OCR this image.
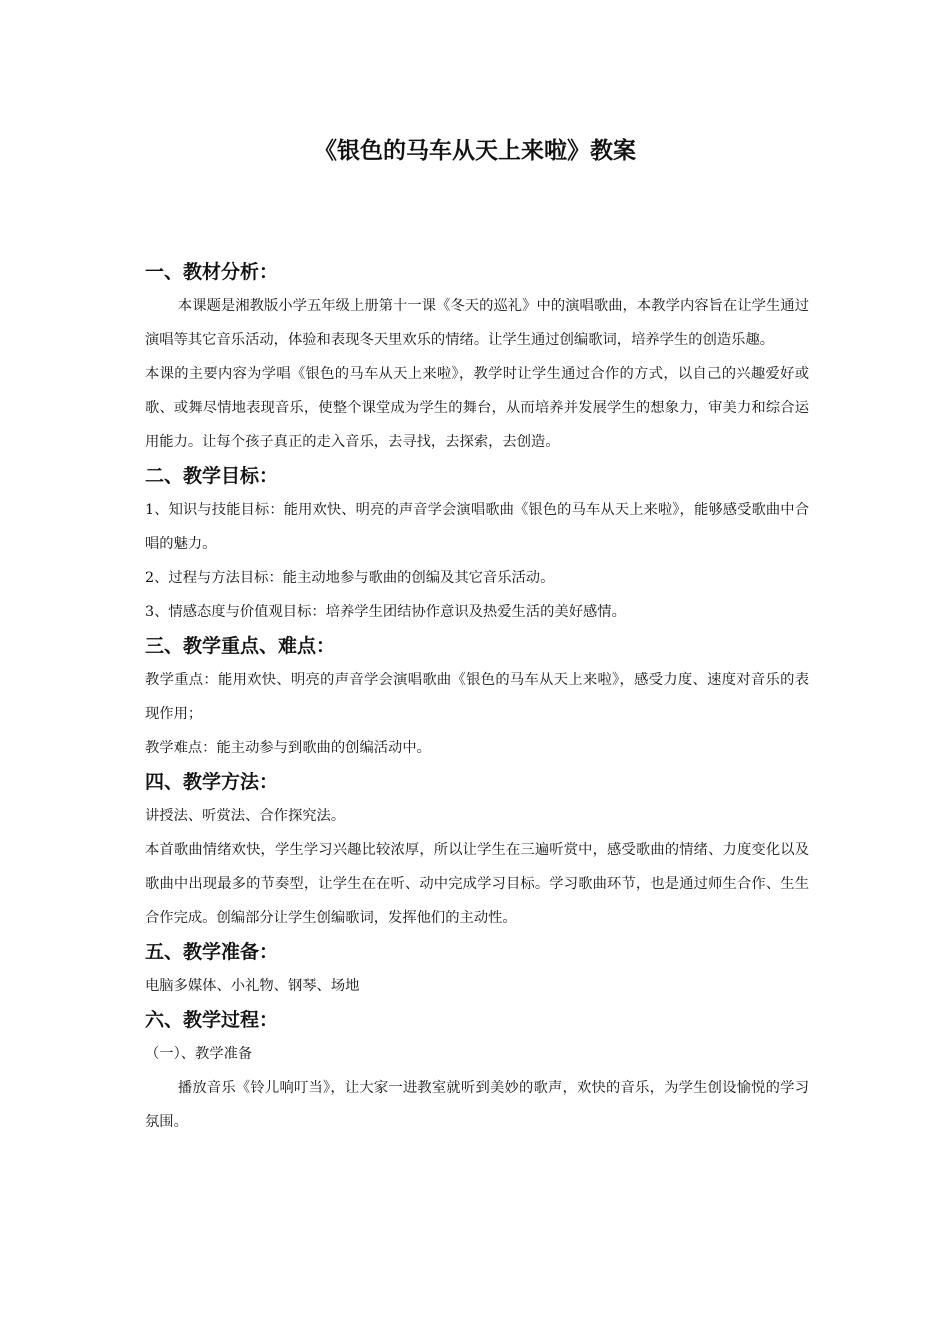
《银色的马车从天上来啦》教案
一、教材分析：

本课题是湘教版小学五年级上册第十一课《冬天的巡礼》中的演唱歌曲，本教学内容旨在让学生通过演唱等其它音乐活动，体验和表现冬天里欢乐的情绪。让学生通过创编歌词，培养学生的创造乐趣。

本课的主要内容为学唱《银色的马车从天上来啦》，教学时让学生通过合作的方式，以自己的兴趣爱好或歌、或舞尽情地表现音乐，使整个课堂成为学生的舞台，从而培养并发展学生的想象力，审美力和综合运用能力。让每个孩子真正的走入音乐，去寻找，去探索，去创造。

二、教学目标：

1、知识与技能目标：能用欢快、明亮的声音学会演唱歌曲《银色的马车从天上来啦》，能够感受歌曲中合唱的魅力。

2、过程与方法目标：能主动地参与歌曲的创编及其它音乐活动。

3、情感态度与价值观目标：培养学生团结协作意识及热爱生活的美好感情。

三、教学重点、难点：

教学重点：能用欢快、明亮的声音学会演唱歌曲《银色的马车从天上来啦》，感受力度、速度对音乐的表现作用；

教学难点：能主动参与到歌曲的创编活动中。

四、教学方法：

讲授法、听赏法、合作探究法。

本首歌曲情绪欢快，学生学习兴趣比较浓厚，所以让学生在三遍听赏中，感受歌曲的情绪、力度变化以及歌曲中出现最多的节奏型，让学生在在听、动中完成学习目标。学习歌曲环节，也是通过师生合作、生生合作完成。创编部分让学生创编歌词，发挥他们的主动性。

五、教学准备：

电脑多媒体、小礼物、钢琴、场地

六、教学过程：

（一）、教学准备

播放音乐《铃儿响叮当》，让大家一进教室就听到美妙的歌声，欢快的音乐，为学生创设愉悦的学习氛围。
